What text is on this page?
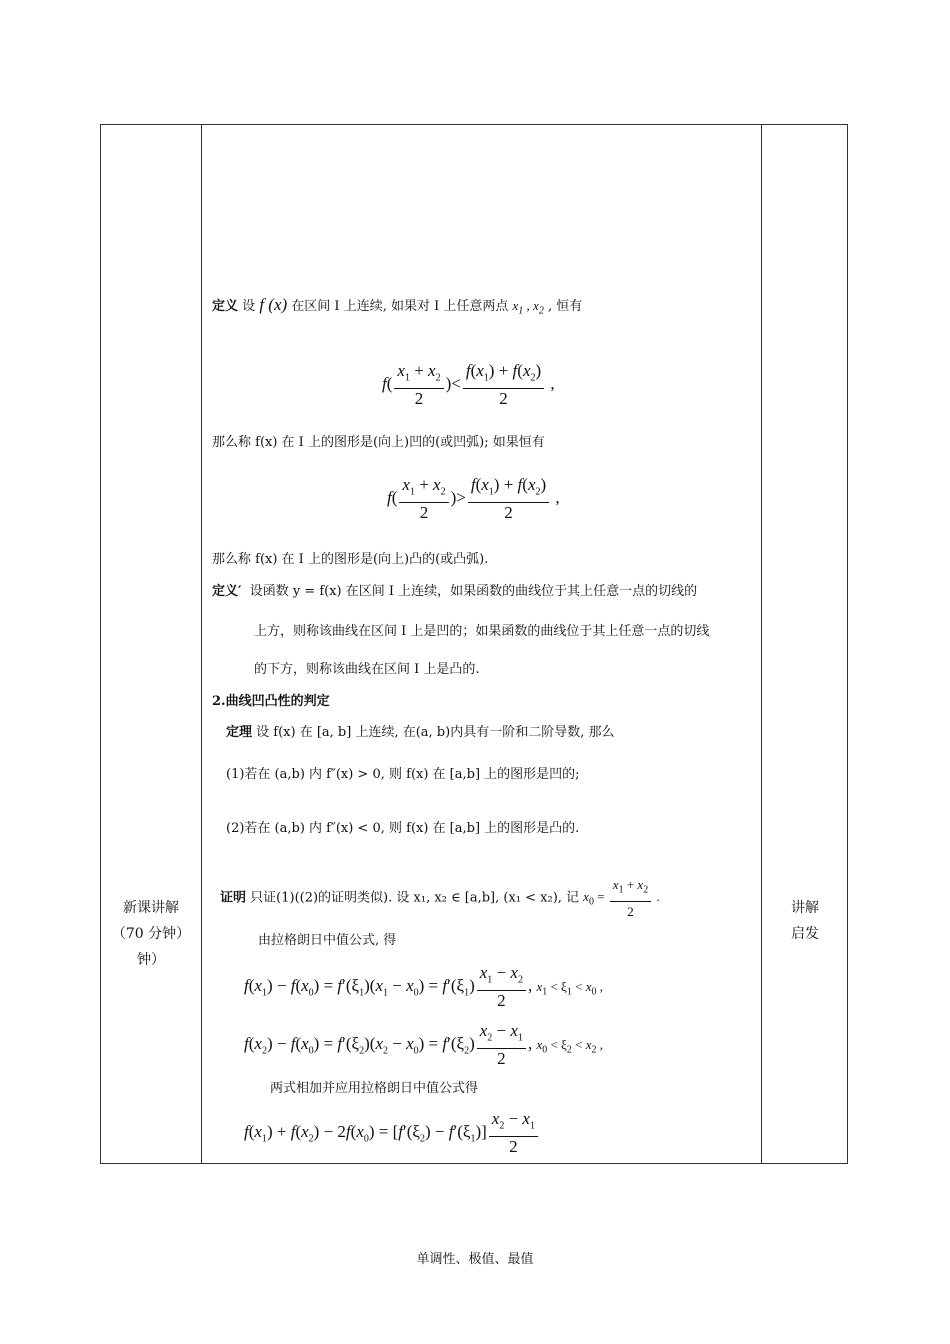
新课讲解
（70 分钟）
钟）
讲解
启发
定义 设 f (x) 在区间 I 上连续, 如果对 I 上任意两点 $x_1$ , $x_2$ , 恒有
$f( \frac{x_1 + x_2}{2}$ )< $\frac{f(x_1) + f(x_2)}{2}$ ,
那么称 f(x) 在 I 上的图形是(向上)凹的(或凹弧); 如果恒有
$f( \frac{x_1 + x_2}{2}$ )> $\frac{f(x_1) + f(x_2)}{2}$ ,
那么称 f(x) 在 I 上的图形是(向上)凸的(或凸弧).
定义′ 设函数 y = f(x) 在区间 I 上连续，如果函数的曲线位于其上任意一点的切线的
上方，则称该曲线在区间 I 上是凹的；如果函数的曲线位于其上任意一点的切线
的下方，则称该曲线在区间 I 上是凸的.
2.曲线凹凸性的判定
定理 设 f(x) 在 [a, b] 上连续, 在(a, b)内具有一阶和二阶导数, 那么
(1)若在 (a,b) 内 f″(x) > 0, 则 f(x) 在 [a,b] 上的图形是凹的;
(2)若在 (a,b) 内 f″(x) < 0, 则 f(x) 在 [a,b] 上的图形是凸的.
证明 只证(1)((2)的证明类似). 设 x₁, x₂ ∈ [a,b], (x₁ < x₂), 记 $x_0 = \frac{x_1 + x_2}{2}$ .
由拉格朗日中值公式, 得
$f(x_1) - f(x_0) = f'(\xi_1)(x_1 - x_0) = f'(\xi_1) \frac{x_1 - x_2}{2}$ , $x_1 < \xi_1 < x_0$ ,
$f(x_2) - f(x_0) = f'(\xi_2)(x_2 - x_0) = f'(\xi_2) \frac{x_2 - x_1}{2}$ , $x_0 < \xi_2 < x_2$ ,
两式相加并应用拉格朗日中值公式得
$f(x_1) + f(x_2) - 2f(x_0) = [f'(\xi_2) - f'(\xi_1)] \frac{x_2 - x_1}{2}$
单调性、极值、最值
